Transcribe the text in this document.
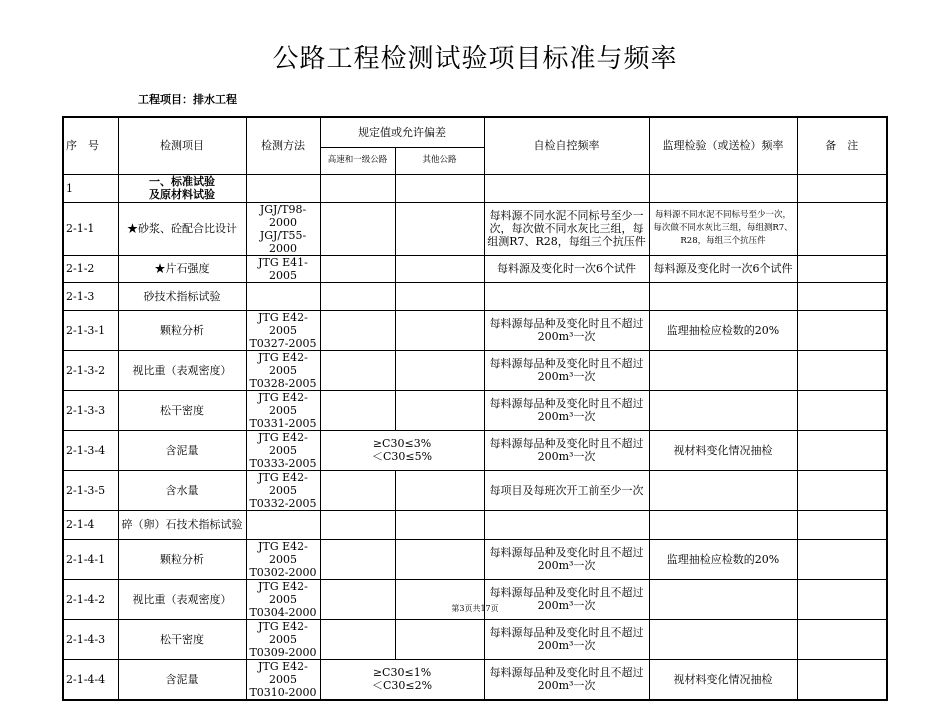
公路工程检测试验项目标准与频率
工程项目：排水工程
序　号	检测项目	检测方法	规定值或允许偏差		自检自控频率	监理检验（或送检）频率	备　注
			高速和一级公路	其他公路			
1	一、标准试验
及原材料试验						
2-1-1	★砂浆、砼配合比设计	JGJ/T98-2000
JGJ/T55-2000			每料源不同水泥不同标号至少一次，每次做不同水灰比三组，每组测R7、R28，每组三个抗压件	每料源不同水泥不同标号至少一次，每次做不同水灰比三组，每组测R7、R28，每组三个抗压件	

2-1-2	★片石强度	JTG E41-2005			每料源及变化时一次6个试件	每料源及变化时一次6个试件	

2-1-3	砂技术指标试验						
2-1-3-1	颗粒分析	JTG E42-2005
T0327-2005			每料源每品种及变化时且不超过200m³一次	监理抽检应检数的20%	

2-1-3-2	视比重（表观密度）	JTG E42-2005
T0328-2005			每料源每品种及变化时且不超过200m³一次		

2-1-3-3	松干密度	JTG E42-2005
T0331-2005			每料源每品种及变化时且不超过200m³一次		

2-1-3-4	含泥量	JTG E42-2005
T0333-2005	≥C30≤3%
＜C30≤5%		每料源每品种及变化时且不超过200m³一次	视材料变化情况抽检	

2-1-3-5	含水量	JTG E42-2005
T0332-2005			每项目及每班次开工前至少一次		

2-1-4	碎（卵）石技术指标试验						
2-1-4-1	颗粒分析	JTG E42-2005
T0302-2000			每料源每品种及变化时且不超过200m³一次	监理抽检应检数的20%	

2-1-4-2	视比重（表观密度）	JTG E42-2005
T0304-2000			每料源每品种及变化时且不超过200m³一次		

2-1-4-3	松干密度	JTG E42-2005
T0309-2000			每料源每品种及变化时且不超过200m³一次		

2-1-4-4	含泥量	JTG E42-2005
T0310-2000	≥C30≤1%
＜C30≤2%		每料源每品种及变化时且不超过200m³一次	视材料变化情况抽检	

第3页共17页
